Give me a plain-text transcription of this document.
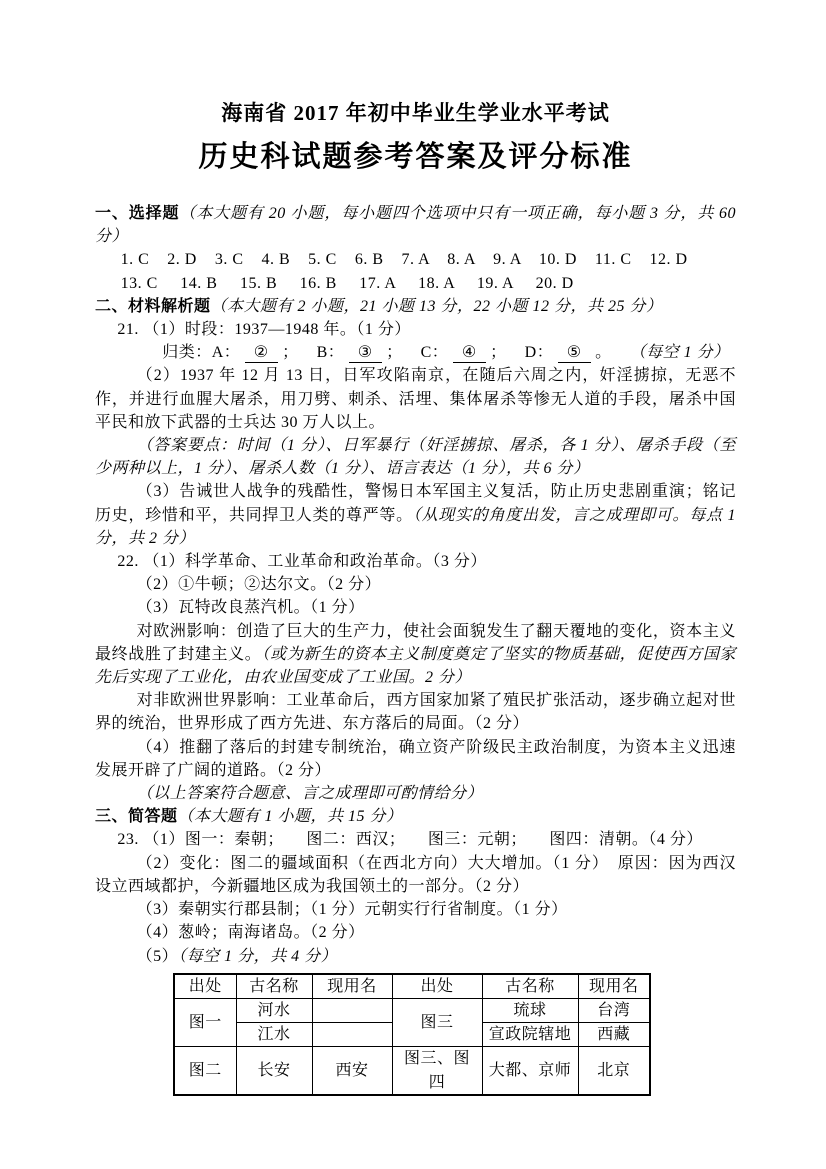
海南省 2017 年初中毕业生学业水平考试
历史科试题参考答案及评分标准

一、选择题（本大题有 20 小题，每小题四个选项中只有一项正确，每小题 3 分，共 60 分）

1. C    2. D    3. C    4. B    5. C    6. B    7. A    8. A    9. A    10. D    11. C    12. D

13. C     14. B     15. B     16. B     17. A     18. A     19. A     20. D

二、材料解析题（本大题有 2 小题，21 小题 13 分，22 小题 12 分，共 25 分）

21. （1）时段：1937—1948 年。（1 分）

归类：A： ② ；    B： ③ ；    C： ④ ；    D： ⑤ 。    （每空 1 分）

（2）1937 年 12 月 13 日，日军攻陷南京，在随后六周之内，奸淫掳掠，无恶不作，并进行血腥大屠杀，用刀劈、刺杀、活埋、集体屠杀等惨无人道的手段，屠杀中国平民和放下武器的士兵达 30 万人以上。

（答案要点：时间（1 分）、日军暴行（奸淫掳掠、屠杀，各 1 分）、屠杀手段（至少两种以上，1 分）、屠杀人数（1 分）、语言表达（1 分），共 6 分）

（3）告诫世人战争的残酷性，警惕日本军国主义复活，防止历史悲剧重演；铭记历史，珍惜和平，共同捍卫人类的尊严等。（从现实的角度出发，言之成理即可。每点 1 分，共 2 分）

22. （1）科学革命、工业革命和政治革命。（3 分）

（2）①牛顿；②达尔文。（2 分）

（3）瓦特改良蒸汽机。（1 分）

对欧洲影响：创造了巨大的生产力，使社会面貌发生了翻天覆地的变化，资本主义最终战胜了封建主义。（或为新生的资本主义制度奠定了坚实的物质基础，促使西方国家先后实现了工业化，由农业国变成了工业国。2 分）

对非欧洲世界影响：工业革命后，西方国家加紧了殖民扩张活动，逐步确立起对世界的统治，世界形成了西方先进、东方落后的局面。（2 分）

（4）推翻了落后的封建专制统治，确立资产阶级民主政治制度，为资本主义迅速发展开辟了广阔的道路。（2 分）

（以上答案符合题意、言之成理即可酌情给分）

三、简答题（本大题有 1 小题，共 15 分）

23. （1）图一：秦朝；     图二：西汉；     图三：元朝；     图四：清朝。（4 分）

（2）变化：图二的疆域面积（在西北方向）大大增加。（1 分）　原因：因为西汉设立西域都护，今新疆地区成为我国领土的一部分。（2 分）

（3）秦朝实行郡县制；（1 分）元朝实行行省制度。（1 分）

（4）葱岭；南海诸岛。（2 分）

（5）（每空 1 分，共 4 分）

出处	古名称	现用名	出处	古名称	现用名
图一	河水		图三	琉球	台湾
	江水			宣政院辖地	西藏
图二	长安	西安	图三、图四	大都、京师	北京
